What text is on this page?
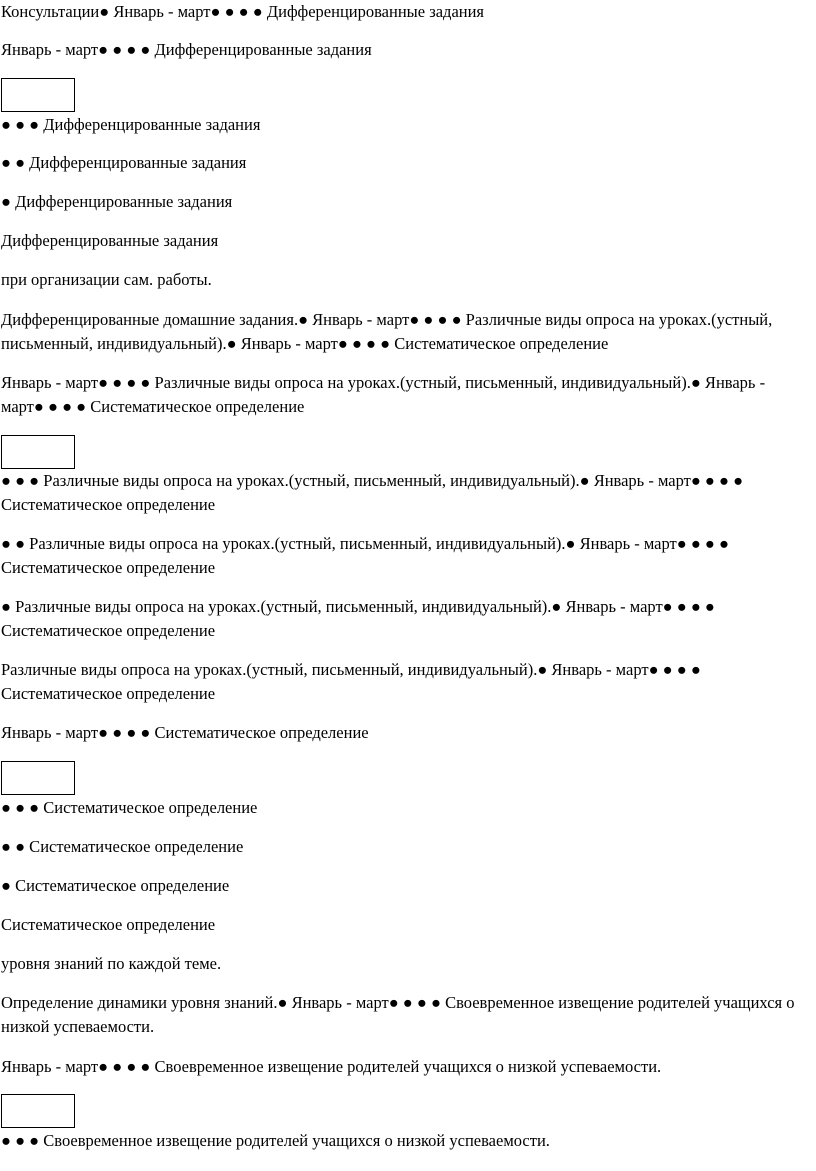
Консультации● Январь - март● ● ● ● Дифференцированные задания

Январь - март● ● ● ● Дифференцированные задания

● ● ● Дифференцированные задания

● ● Дифференцированные задания

● Дифференцированные задания

Дифференцированные задания

при организации сам. работы.

Дифференцированные домашние задания.● Январь - март● ● ● ● Различные виды опроса на уроках.(устный, письменный, индивидуальный).● Январь - март● ● ● ● Систематическое определение

Январь - март● ● ● ● Различные виды опроса на уроках.(устный, письменный, индивидуальный).● Январь - март● ● ● ● Систематическое определение

● ● ● Различные виды опроса на уроках.(устный, письменный, индивидуальный).● Январь - март● ● ● ● Систематическое определение

● ● Различные виды опроса на уроках.(устный, письменный, индивидуальный).● Январь - март● ● ● ● Систематическое определение

● Различные виды опроса на уроках.(устный, письменный, индивидуальный).● Январь - март● ● ● ● Систематическое определение

Различные виды опроса на уроках.(устный, письменный, индивидуальный).● Январь - март● ● ● ● Систематическое определение

Январь - март● ● ● ● Систематическое определение

● ● ● Систематическое определение

● ● Систематическое определение

● Систематическое определение

Систематическое определение

уровня знаний по каждой теме.

Определение динамики уровня знаний.● Январь - март● ● ● ● Своевременное извещение родителей учащихся о низкой успеваемости.

Январь - март● ● ● ● Своевременное извещение родителей учащихся о низкой успеваемости.

● ● ● Своевременное извещение родителей учащихся о низкой успеваемости.
